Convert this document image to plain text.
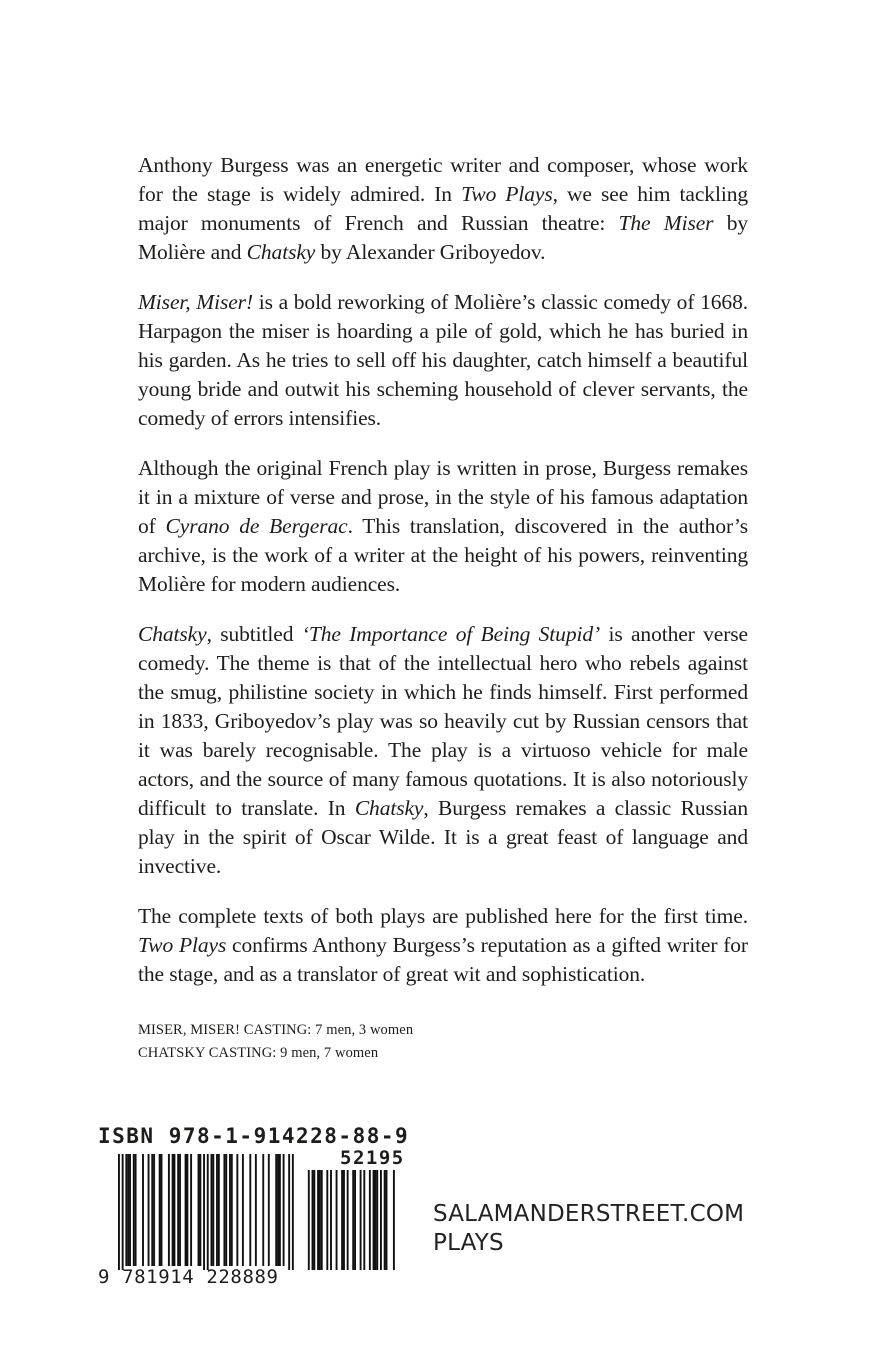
Anthony Burgess was an energetic writer and composer, whose work for the stage is widely admired. In Two Plays, we see him tackling major monuments of French and Russian theatre: The Miser by Molière and Chatsky by Alexander Griboyedov.

Miser, Miser! is a bold reworking of Molière’s classic comedy of 1668. Harpagon the miser is hoarding a pile of gold, which he has buried in his garden. As he tries to sell off his daughter, catch himself a beautiful young bride and outwit his scheming household of clever servants, the comedy of errors intensifies.

Although the original French play is written in prose, Burgess remakes it in a mixture of verse and prose, in the style of his famous adaptation of Cyrano de Bergerac. This translation, discovered in the author’s archive, is the work of a writer at the height of his powers, reinventing Molière for modern audiences.

Chatsky, subtitled ‘The Importance of Being Stupid’ is another verse comedy. The theme is that of the intellectual hero who rebels against the smug, philistine society in which he finds himself. First performed in 1833, Griboyedov’s play was so heavily cut by Russian censors that it was barely recognisable. The play is a virtuoso vehicle for male actors, and the source of many famous quotations. It is also notoriously difficult to translate. In Chatsky, Burgess remakes a classic Russian play in the spirit of Oscar Wilde. It is a great feast of language and invective.

The complete texts of both plays are published here for the first time. Two Plays confirms Anthony Burgess’s reputation as a gifted writer for the stage, and as a translator of great wit and sophistication.

MISER, MISER! CASTING: 7 men, 3 women
CHATSKY CASTING: 9 men, 7 women
ISBN 978-1-914228-88-9
52195
9 781914 228889
SALAMANDERSTREET.COM
PLAYS
